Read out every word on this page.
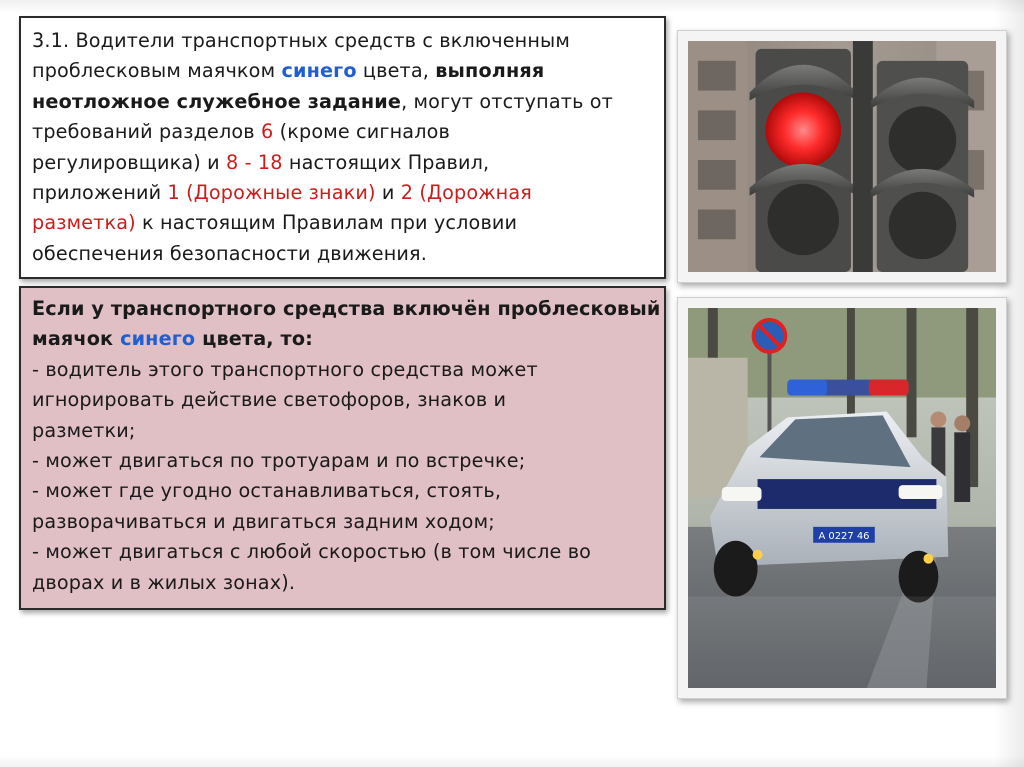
3.1. Водители транспортных средств с включенным
проблесковым маячком синего цвета, выполняя
неотложное служебное задание, могут отступать от
требований разделов 6 (кроме сигналов
регулировщика) и 8 - 18 настоящих Правил,
приложений 1 (Дорожные знаки) и 2 (Дорожная
разметка) к настоящим Правилам при условии
обеспечения безопасности движения.
Если у транспортного средства включён проблесковый
маячок синего цвета, то:
- водитель этого транспортного средства может
игнорировать действие светофоров, знаков и
разметки;
- может двигаться по тротуарам и по встречке;
- может где угодно останавливаться, стоять,
разворачиваться и двигаться задним ходом;
- может двигаться с любой скоростью (в том числе во
дворах и в жилых зонах).
А 0227 46
